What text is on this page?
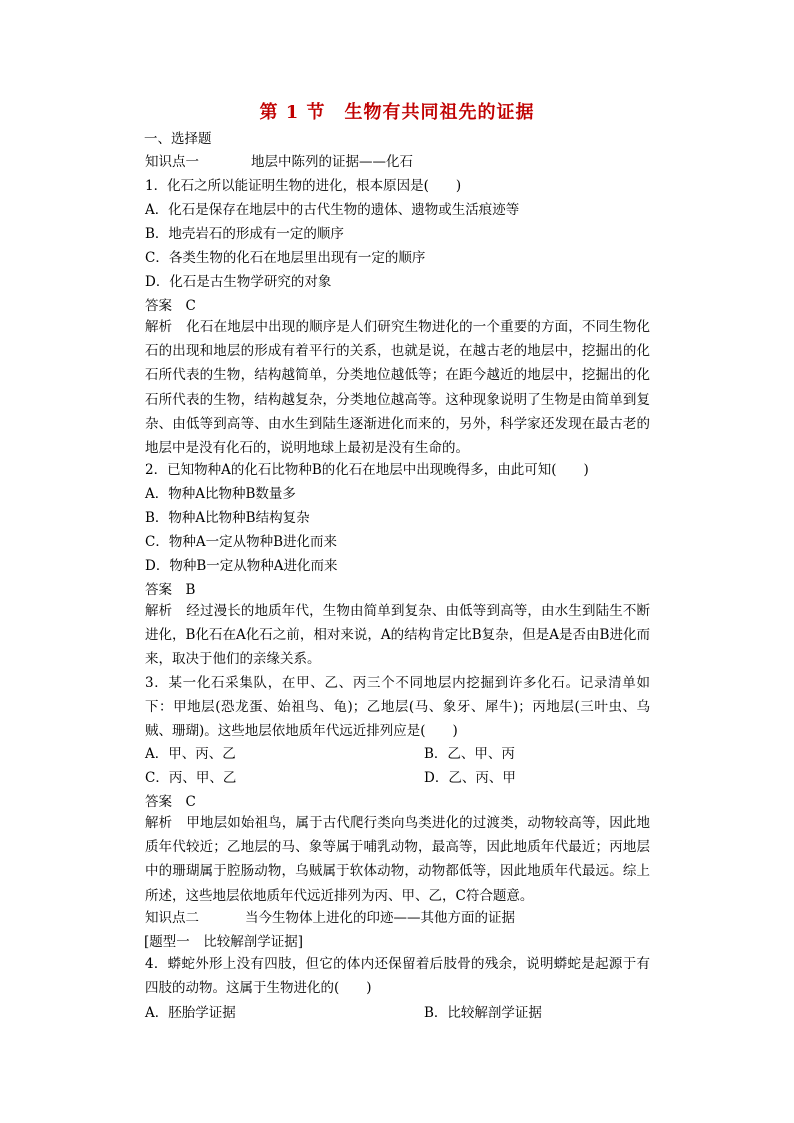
第 1 节　生物有共同祖先的证据
一、选择题
知识点一	地层中陈列的证据——化石
1．化石之所以能证明生物的进化，根本原因是(　　)
A．化石是保存在地层中的古代生物的遗体、遗物或生活痕迹等
B．地壳岩石的形成有一定的顺序
C．各类生物的化石在地层里出现有一定的顺序
D．化石是古生物学研究的对象
答案　 C
解析 化石在地层中出现的顺序是人们研究生物进化的一个重要的方面，不同生物化石的出现和地层的形成有着平行的关系，也就是说，在越古老的地层中，挖掘出的化石所代表的生物，结构越简单，分类地位越低等；在距今越近的地层中，挖掘出的化石所代表的生物，结构越复杂，分类地位越高等。这种现象说明了生物是由简单到复杂、由低等到高等、由水生到陆生逐渐进化而来的，另外，科学家还发现在最古老的地层中是没有化石的，说明地球上最初是没有生命的。
2．已知物种A的化石比物种B的化石在地层中出现晚得多，由此可知(　　)
A．物种A比物种B数量多
B．物种A比物种B结构复杂
C．物种A一定从物种B进化而来
D．物种B一定从物种A进化而来
答案　 B
解析 经过漫长的地质年代，生物由简单到复杂、由低等到高等，由水生到陆生不断进化，B化石在A化石之前，相对来说，A的结构肯定比B复杂，但是A是否由B进化而来，取决于他们的亲缘关系。
3．某一化石采集队，在甲、乙、丙三个不同地层内挖掘到许多化石。记录清单如下：甲地层(恐龙蛋、始祖鸟、龟)；乙地层(马、象牙、犀牛)；丙地层(三叶虫、乌贼、珊瑚)。这些地层依地质年代远近排列应是(　　)
A．甲、丙、乙	B．乙、甲、丙
C．丙、甲、乙	D．乙、丙、甲
答案　 C
解析 甲地层如始祖鸟，属于古代爬行类向鸟类进化的过渡类，动物较高等，因此地质年代较近；乙地层的马、象等属于哺乳动物，最高等，因此地质年代最近；丙地层中的珊瑚属于腔肠动物，乌贼属于软体动物，动物都低等，因此地质年代最远。综上所述，这些地层依地质年代远近排列为丙、甲、乙，C符合题意。
知识点二	当今生物体上进化的印迹——其他方面的证据
[题型一　比较解剖学证据]
4．蟒蛇外形上没有四肢，但它的体内还保留着后肢骨的残余，说明蟒蛇是起源于有四肢的动物。这属于生物进化的(　　)
A．胚胎学证据	B．比较解剖学证据
